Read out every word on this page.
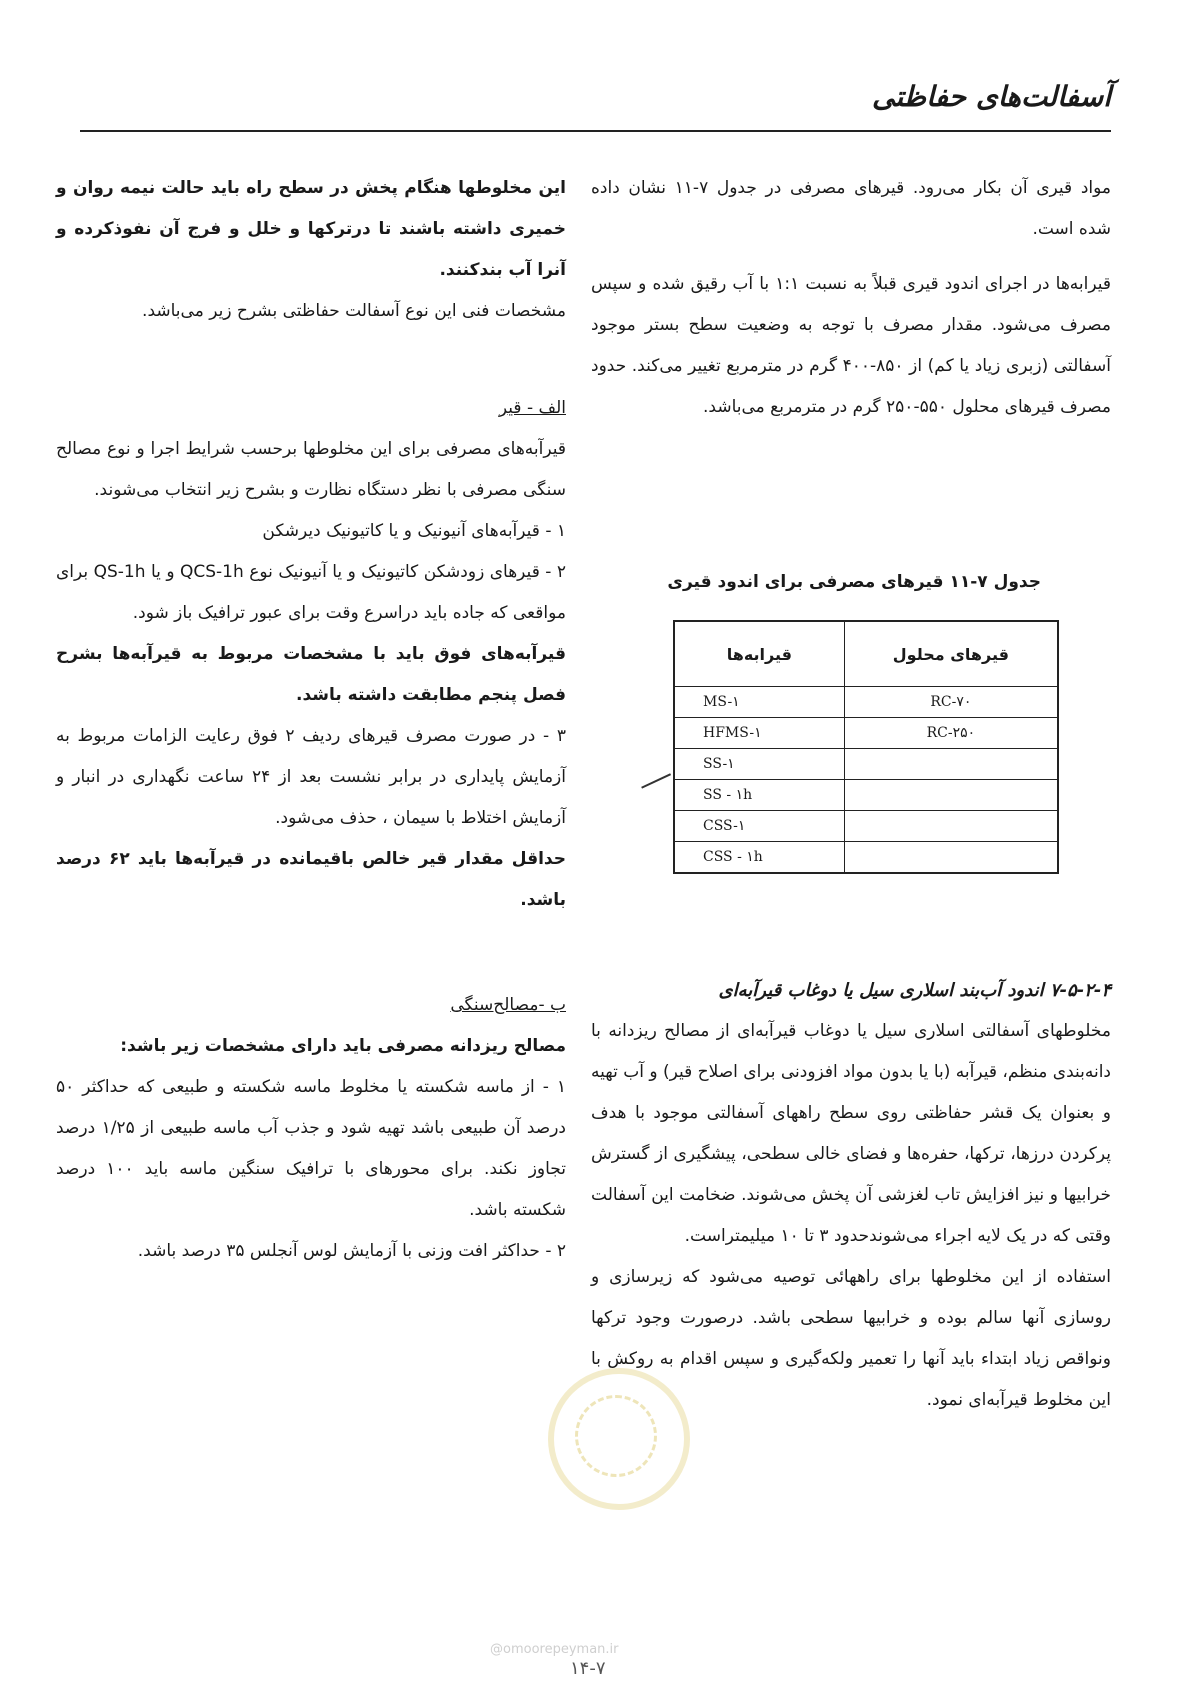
آسفالت‌های حفاظتی

مواد قیری آن بکار می‌رود. قیرهای مصرفی در جدول ۷-۱۱ نشان داده شده است.

قیرابه‌ها در اجرای اندود قیری قبلاً به نسبت ۱:۱ با آب رقیق شده و سپس مصرف می‌شود. مقدار مصرف با توجه به وضعیت سطح بستر موجود آسفالتی (زبری زیاد یا کم) از ۸۵۰-۴۰۰ گرم در مترمربع تغییر می‌کند. حدود مصرف قیرهای محلول ۵۵۰-۲۵۰ گرم در مترمربع می‌باشد.

جدول ۷-۱۱ قیرهای مصرفی برای اندود قیری
قیرهای محلول	قیرابه‌ها
RC-۷۰	MS-۱
RC-۲۵۰	HFMS-۱
	SS-۱
	SS - ۱h
	CSS-۱
	CSS - ۱h

۷-۵-۲-۴ اندود آب‌بند اسلاری سیل یا دوغاب قیرآبه‌ای

مخلوطهای آسفالتی اسلاری سیل یا دوغاب قیرآبه‌ای از مصالح ریزدانه با دانه‌بندی منظم، قیرآبه (با یا بدون مواد افزودنی برای اصلاح قیر) و آب تهیه و بعنوان یک قشر حفاظتی روی سطح راههای آسفالتی موجود با هدف پرکردن درزها، ترکها، حفره‌ها و فضای خالی سطحی، پیشگیری از گسترش خرابیها و نیز افزایش تاب لغزشی آن پخش می‌شوند. ضخامت این آسفالت وقتی که در یک لایه اجراء می‌شوندحدود ۳ تا ۱۰ میلیمتراست.

استفاده از این مخلوطها برای راههائی توصیه می‌شود که زیرسازی و روسازی آنها سالم بوده و خرابیها سطحی باشد. درصورت وجود ترکها ونواقص زیاد ابتداء باید آنها را تعمیر ولکه‌گیری و سپس اقدام به روکش با این مخلوط قیرآبه‌ای نمود.

این مخلوطها هنگام پخش در سطح راه باید حالت نیمه روان و خمیری داشته باشند تا درترکها و خلل و فرج آن نفوذکرده و آنرا آب بندکنند.

مشخصات فنی این نوع آسفالت حفاظتی بشرح زیر می‌باشد.

الف - قیر

قیرآبه‌های مصرفی برای این مخلوطها برحسب شرایط اجرا و نوع مصالح سنگی مصرفی با نظر دستگاه نظارت و بشرح زیر انتخاب می‌شوند.

۱ - قیرآبه‌های آنیونیک و یا کاتیونیک دیرشکن

۲ - قیرهای زودشکن کاتیونیک و یا آنیونیک نوع QCS-1h و یا QS-1h برای مواقعی که جاده باید دراسرع وقت برای عبور ترافیک باز شود.

قیرآبه‌های فوق باید با مشخصات مربوط به قیرآبه‌ها بشرح فصل پنجم مطابقت داشته باشد.

۳ - در صورت مصرف قیرهای ردیف ۲ فوق رعایت الزامات مربوط به آزمایش پایداری در برابر نشست بعد از ۲۴ ساعت نگهداری در انبار و آزمایش اختلاط با سیمان ، حذف می‌شود.

حداقل مقدار قیر خالص باقیمانده در قیرآبه‌ها باید ۶۲ درصد باشد.

ب -مصالح‌سنگی

مصالح ریزدانه مصرفی باید دارای مشخصات زیر باشد:

۱ - از ماسه شکسته یا مخلوط ماسه شکسته و طبیعی که حداکثر ۵۰ درصد آن طبیعی باشد تهیه شود و جذب آب ماسه طبیعی از ۱/۲۵ درصد تجاوز نکند. برای محورهای با ترافیک سنگین ماسه باید ۱۰۰ درصد شکسته باشد.

۲ - حداکثر افت وزنی با آزمایش لوس آنجلس ۳۵ درصد باشد.

@omoorepeyman.ir
۱۴-۷
